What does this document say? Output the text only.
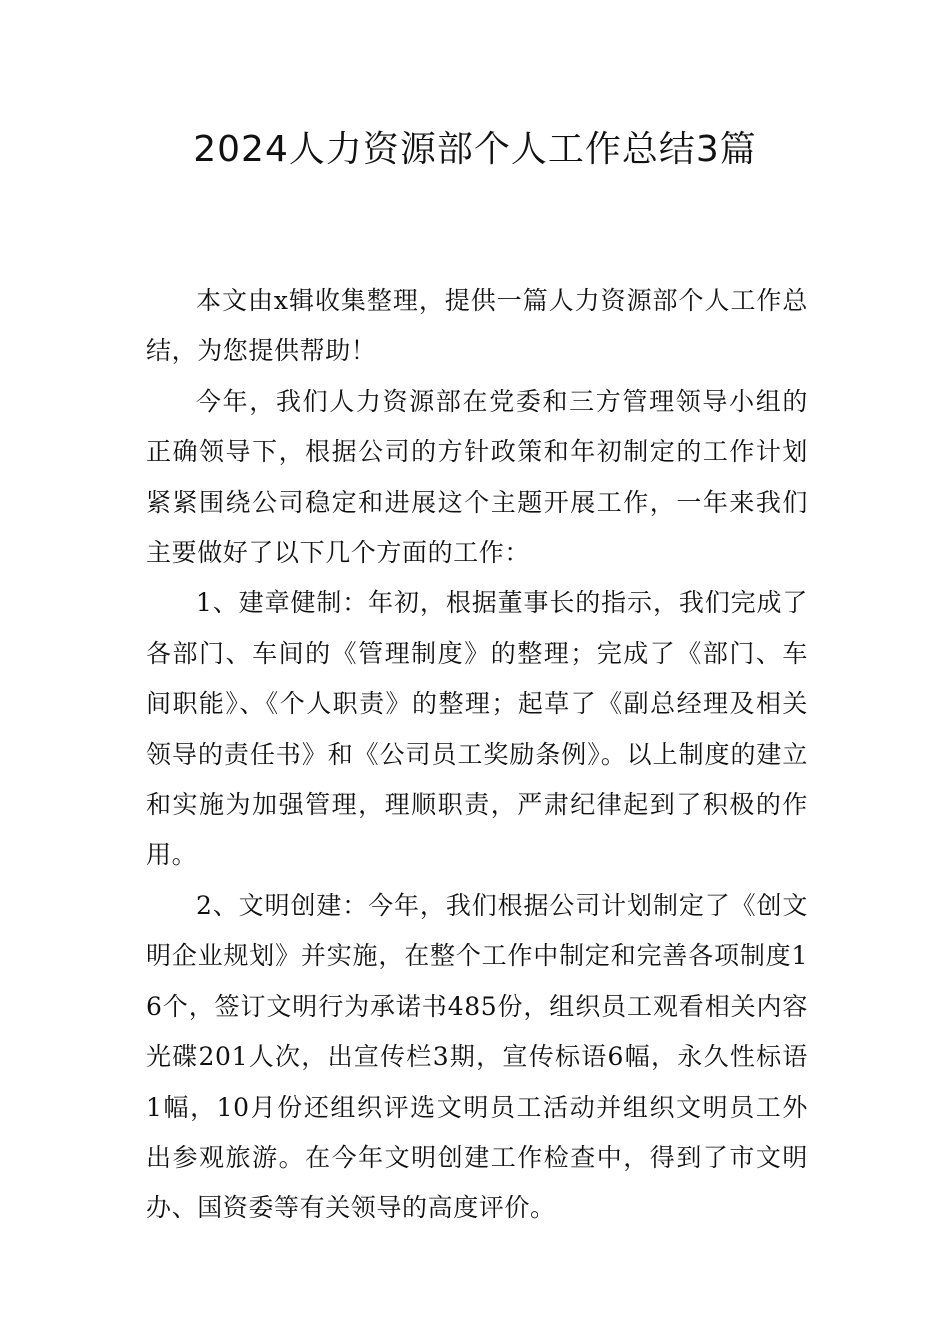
2024人力资源部个人工作总结3篇

本文由x辑收集整理，提供一篇人力资源部个人工作总结，为您提供帮助！

今年，我们人力资源部在党委和三方管理领导小组的正确领导下，根据公司的方针政策和年初制定的工作计划紧紧围绕公司稳定和进展这个主题开展工作，一年来我们主要做好了以下几个方面的工作：

1、建章健制：年初，根据董事长的指示，我们完成了各部门、车间的《管理制度》的整理；完成了《部门、车间职能》、《个人职责》的整理；起草了《副总经理及相关领导的责任书》和《公司员工奖励条例》。以上制度的建立和实施为加强管理，理顺职责，严肃纪律起到了积极的作用。

2、文明创建：今年，我们根据公司计划制定了《创文明企业规划》并实施，在整个工作中制定和完善各项制度16个，签订文明行为承诺书485份，组织员工观看相关内容光碟201人次，出宣传栏3期，宣传标语6幅，永久性标语1幅，10月份还组织评选文明员工活动并组织文明员工外出参观旅游。在今年文明创建工作检查中，得到了市文明办、国资委等有关领导的高度评价。
